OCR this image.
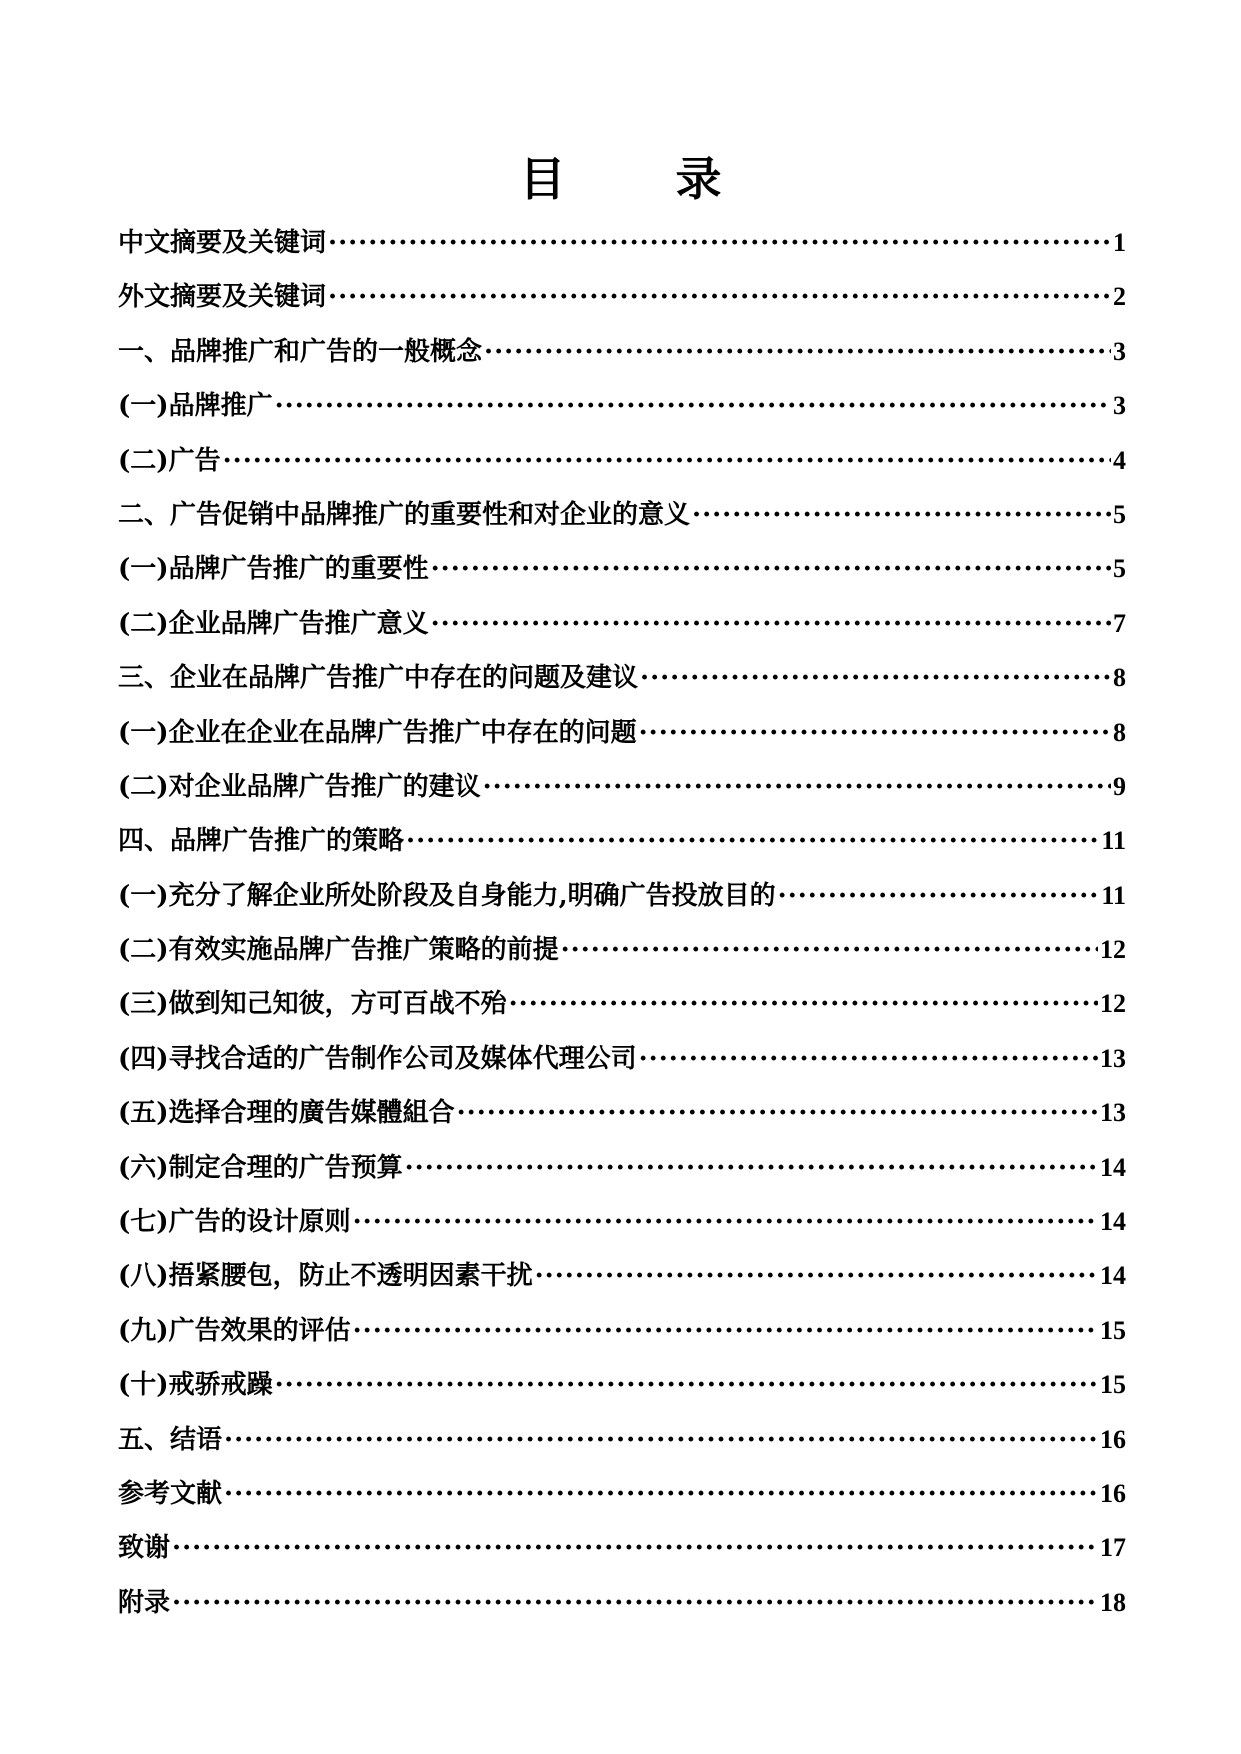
目 录
中文摘要及关键词 ·····	1
外文摘要及关键词 ·····	2
一、品牌推广和广告的一般概念 ·····	3
(一)品牌推广 ·····	3
(二)广告 ·····	4
二、广告促销中品牌推广的重要性和对企业的意义 ·····	5
(一)品牌广告推广的重要性 ·····	5
(二)企业品牌广告推广意义 ·····	7
三、企业在品牌广告推广中存在的问题及建议 ·····	8
(一)企业在企业在品牌广告推广中存在的问题 ·····	8
(二)对企业品牌广告推广的建议 ·····	9
四、品牌广告推广的策略 ·····	11
(一)充分了解企业所处阶段及自身能力,明确广告投放目的 ·····	11
(二)有效实施品牌广告推广策略的前提 ·····	12
(三)做到知己知彼，方可百战不殆 ·····	12
(四)寻找合适的广告制作公司及媒体代理公司 ·····	13
(五)选择合理的廣告媒體組合 ·····	13
(六)制定合理的广告预算 ·····	14
(七)广告的设计原则 ·····	14
(八)捂紧腰包，防止不透明因素干扰 ·····	14
(九)广告效果的评估 ·····	15
(十)戒骄戒躁 ·····	15
五、结语 ·····	16
参考文献 ·····	16
致谢 ·····	17
附录 ·····	18
